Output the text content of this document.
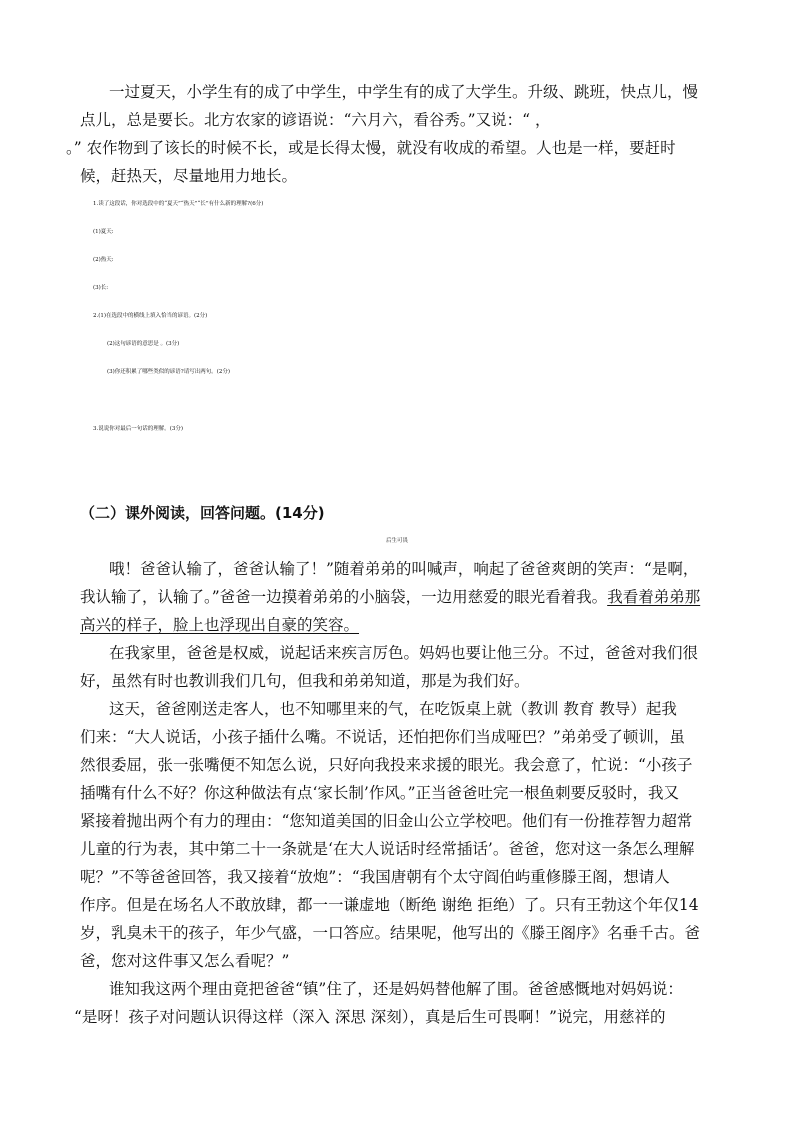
一过夏天，小学生有的成了中学生，中学生有的成了大学生。升级、跳班，快点儿，慢
点儿，总是要长。北方农家的谚语说：“六月六，看谷秀。”又说：“ ，
。” 农作物到了该长的时候不长，或是长得太慢，就没有收成的希望。人也是一样，要赶时
候，赶热天，尽量地用力地长。
1.读了这段话，你对选段中的“夏天”“热天”“长”有什么新的理解?(6分)
(1)夏天:
(2)热天:
(3)长:
2.(1)在选段中的横线上填入恰当的谚语。(2分)
(2)这句谚语的意思是 。(3分)
(3)你还积累了哪些类似的谚语?请写出两句。(2分)
3.说说你对最后一句话的理解。(3分)
（二）课外阅读，回答问题。(14分)
后生可畏
哦！爸爸认输了，爸爸认输了！”随着弟弟的叫喊声，响起了爸爸爽朗的笑声：“是啊，
我认输了，认输了。”爸爸一边摸着弟弟的小脑袋，一边用慈爱的眼光看着我。我看着弟弟那
高兴的样子，脸上也浮现出自豪的笑容。
在我家里，爸爸是权威，说起话来疾言厉色。妈妈也要让他三分。不过，爸爸对我们很
好，虽然有时也教训我们几句，但我和弟弟知道，那是为我们好。
这天，爸爸刚送走客人，也不知哪里来的气，在吃饭桌上就（教训 教育 教导）起我
们来：“大人说话，小孩子插什么嘴。不说话，还怕把你们当成哑巴？”弟弟受了顿训，虽
然很委屈，张一张嘴便不知怎么说，只好向我投来求援的眼光。我会意了，忙说：“小孩子
插嘴有什么不好？你这种做法有点‘家长制’作风。”正当爸爸吐完一根鱼刺要反驳时，我又
紧接着抛出两个有力的理由：“您知道美国的旧金山公立学校吧。他们有一份推荐智力超常
儿童的行为表，其中第二十一条就是‘在大人说话时经常插话’。爸爸，您对这一条怎么理解
呢？”不等爸爸回答，我又接着“放炮”：“我国唐朝有个太守阎伯屿重修滕王阁，想请人
作序。但是在场名人不敢放肆，都一一谦虚地（断绝 谢绝 拒绝）了。只有王勃这个年仅14
岁，乳臭未干的孩子，年少气盛，一口答应。结果呢，他写出的《滕王阁序》名垂千古。爸
爸，您对这件事又怎么看呢？”
谁知我这两个理由竟把爸爸“镇”住了，还是妈妈替他解了围。爸爸感慨地对妈妈说：
“是呀！孩子对问题认识得这样（深入 深思 深刻），真是后生可畏啊！”说完，用慈祥的
